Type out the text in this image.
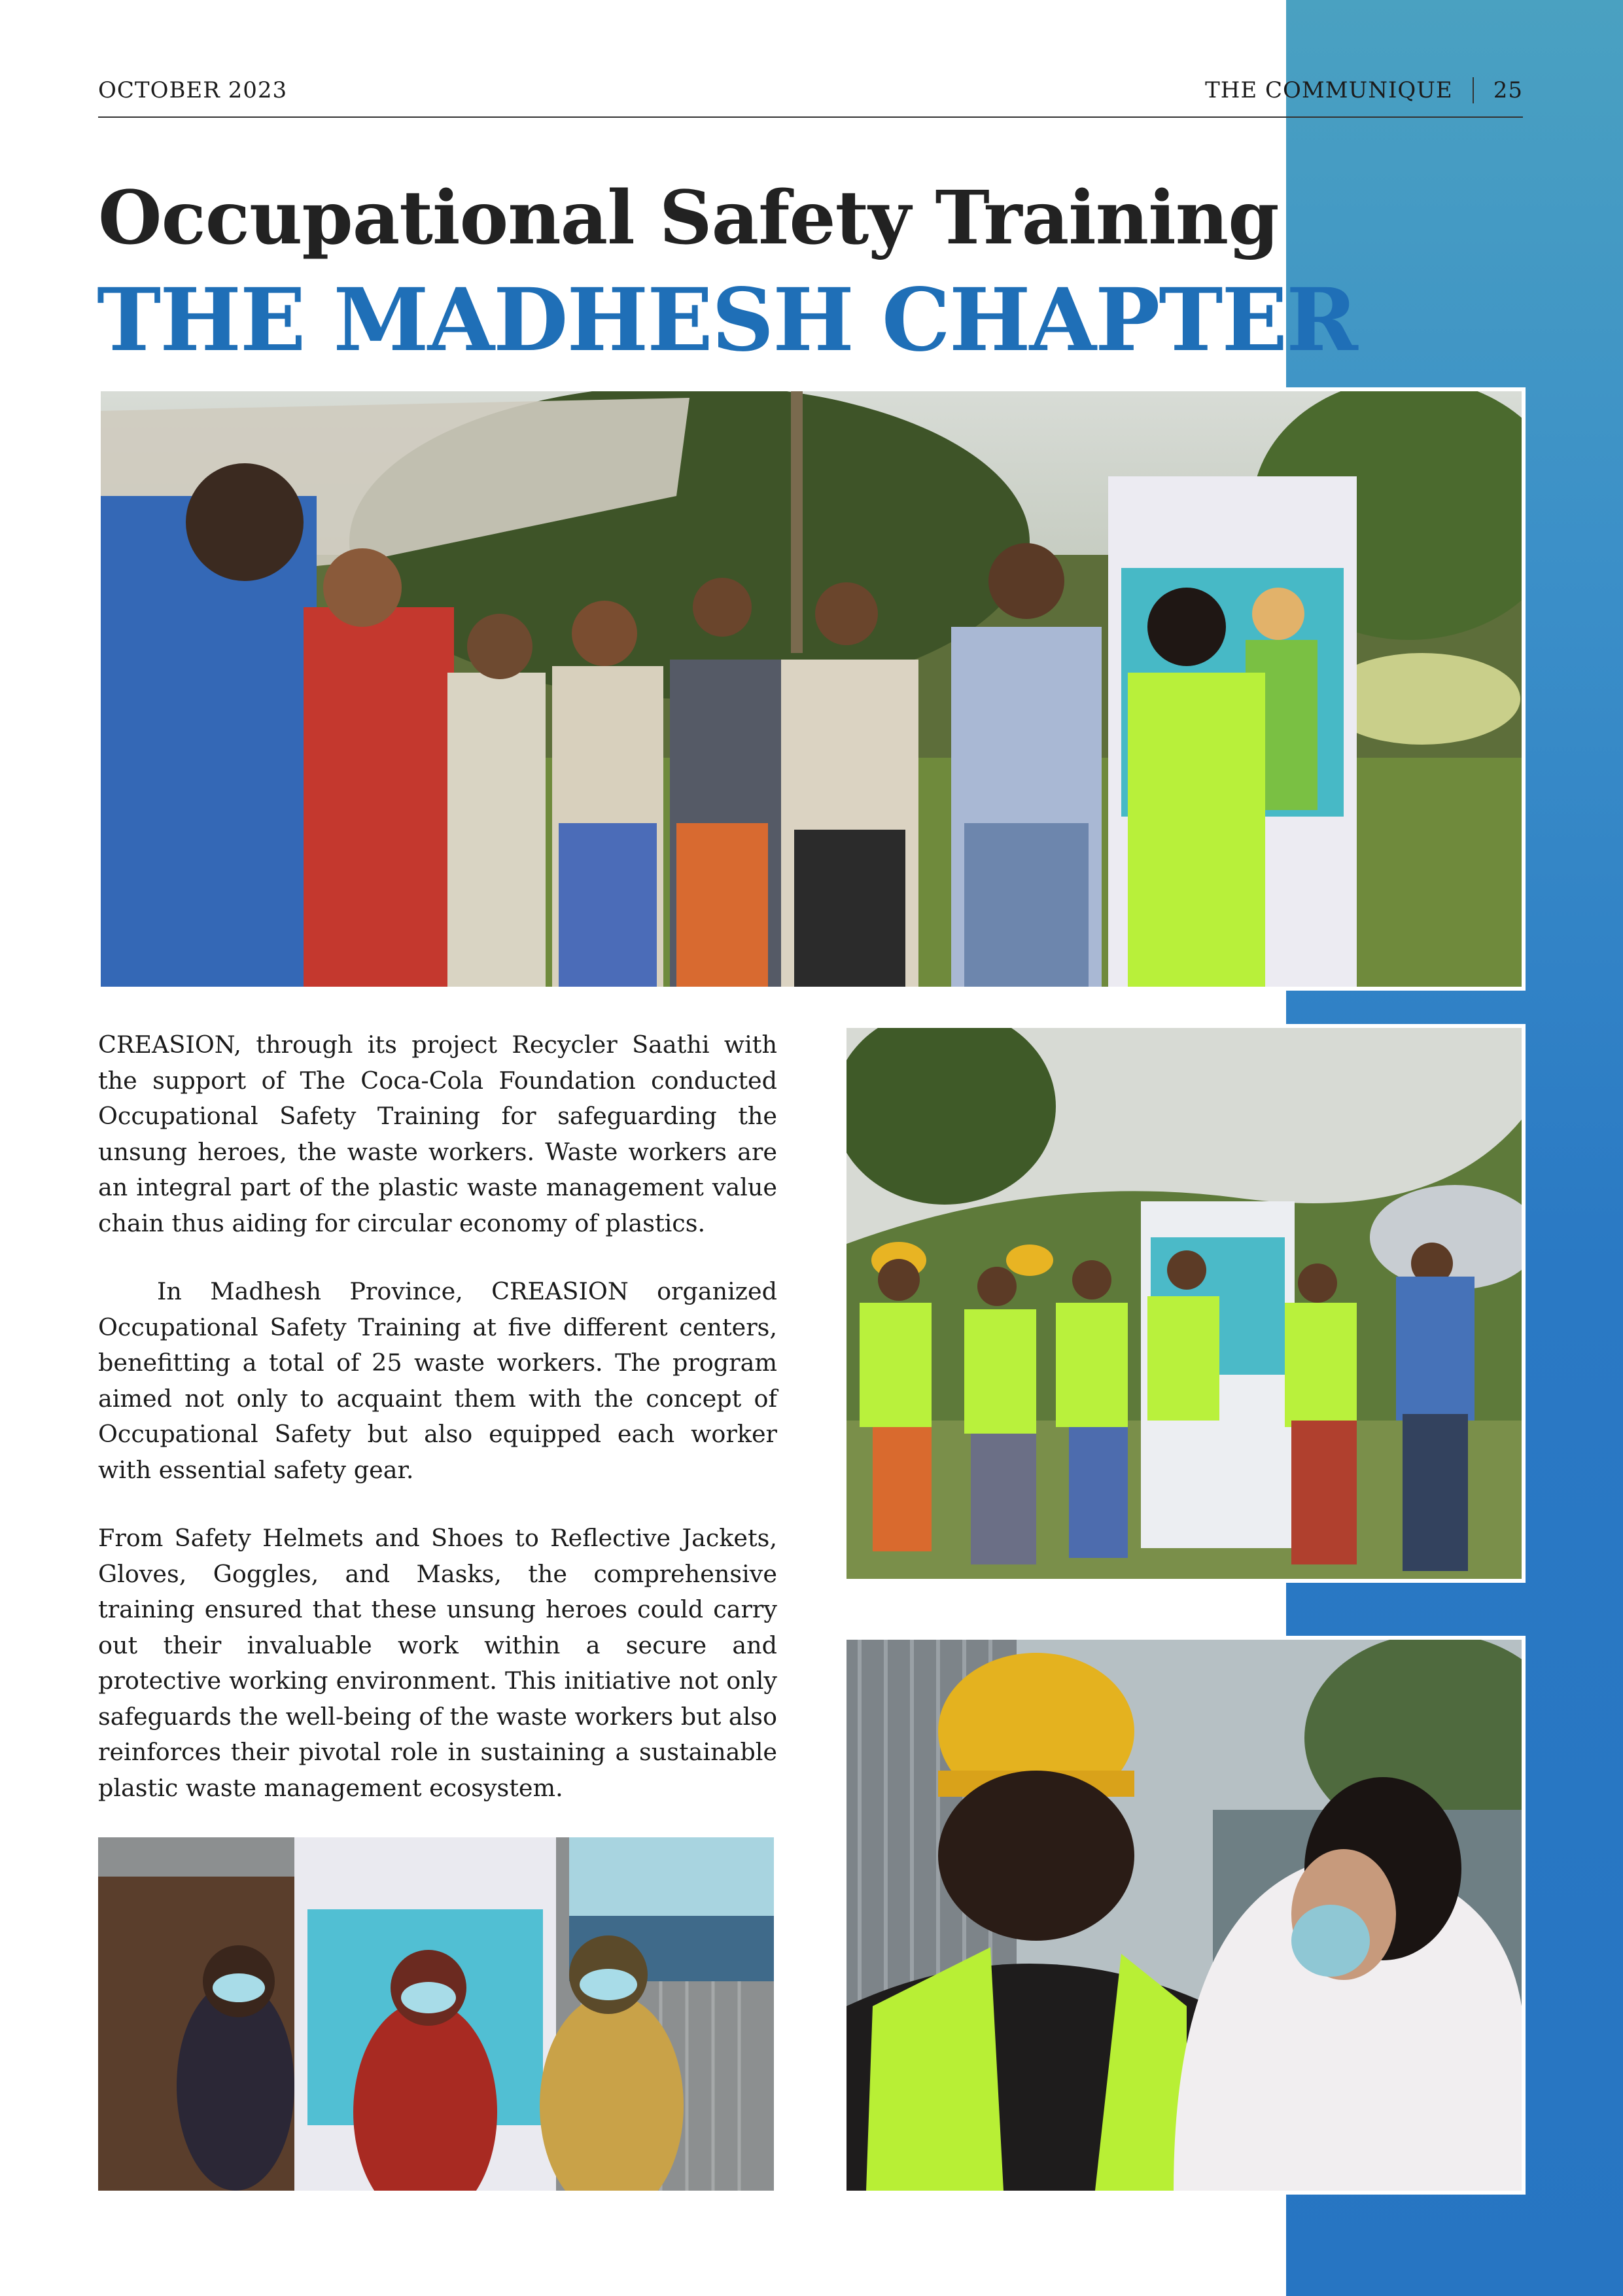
OCTOBER 2023	THE COMMUNIQUE 25
Occupational Safety Training
THE MADHESH CHAPTER

CREASION, through its project Recycler Saathi with the support of The Coca-Cola Foundation conducted Occupational Safety Training for safeguarding the unsung heroes, the waste workers. Waste workers are an integral part of the plastic waste management value chain thus aiding for circular economy of plastics.

In Madhesh Province, CREASION organized Occupational Safety Training at five different centers, benefitting a total of 25 waste workers. The program aimed not only to acquaint them with the concept of Occupational Safety but also equipped each worker with essential safety gear.

From Safety Helmets and Shoes to Reflective Jackets, Gloves, Goggles, and Masks, the comprehensive training ensured that these unsung heroes could carry out their invaluable work within a secure and protective working environment. This initiative not only safeguards the well-being of the waste workers but also reinforces their pivotal role in sustaining a sustainable plastic waste management ecosystem.
